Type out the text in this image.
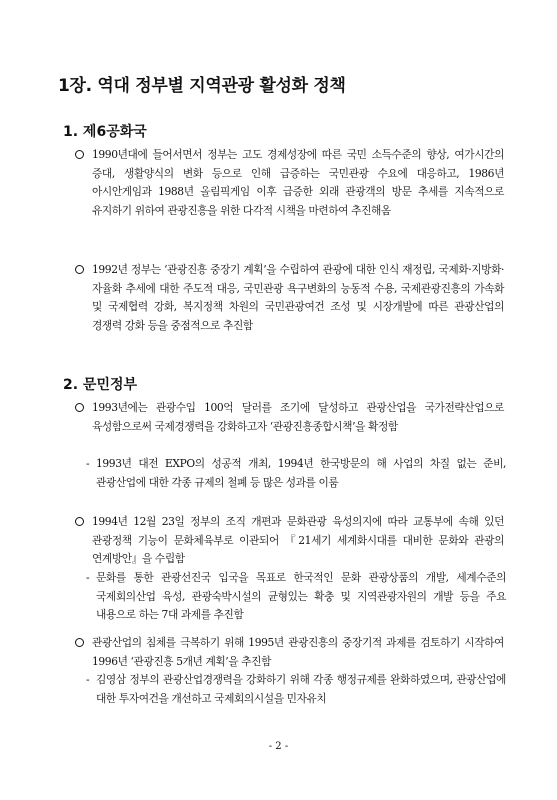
1장. 역대 정부별 지역관광 활성화 정책
1. 제6공화국
1990년대에 들어서면서 정부는 고도 경제성장에 따른 국민 소득수준의 향상, 여가시간의 증대, 생활양식의 변화 등으로 인해 급증하는 국민관광 수요에 대응하고, 1986년 아시안게임과 1988년 올림픽게임 이후 급증한 외래 관광객의 방문 추세를 지속적으로 유지하기 위하여 관광진흥을 위한 다각적 시책을 마련하여 추진해옴
1992년 정부는 ‘관광진흥 중장기 계획’을 수립하여 관광에 대한 인식 재정립, 국제화·지방화·자율화 추세에 대한 주도적 대응, 국민관광 욕구변화의 능동적 수용, 국제관광진흥의 가속화 및 국제협력 강화, 복지정책 차원의 국민관광여건 조성 및 시장개발에 따른 관광산업의 경쟁력 강화 등을 중점적으로 추진함
2. 문민정부
1993년에는 관광수입 100억 달러를 조기에 달성하고 관광산업을 국가전략산업으로 육성함으로써 국제경쟁력을 강화하고자 ‘관광진흥종합시책’을 확정함
- 1993년 대전 EXPO의 성공적 개최, 1994년 한국방문의 해 사업의 차질 없는 준비, 관광산업에 대한 각종 규제의 철폐 등 많은 성과를 이룸
1994년 12월 23일 정부의 조직 개편과 문화관광 육성의지에 따라 교통부에 속해 있던 관광정책 기능이 문화체육부로 이관되어 『21세기 세계화시대를 대비한 문화와 관광의 연계방안』을 수립함
- 문화를 통한 관광선진국 입국을 목표로 한국적인 문화 관광상품의 개발, 세계수준의 국제회의산업 육성, 관광숙박시설의 균형있는 확충 및 지역관광자원의 개발 등을 주요 내용으로 하는 7대 과제를 추진함
관광산업의 침체를 극복하기 위해 1995년 관광진흥의 중장기적 과제를 검토하기 시작하여 1996년 ‘관광진흥 5개년 계획’을 추진함
- 김영삼 정부의 관광산업경쟁력을 강화하기 위해 각종 행정규제를 완화하였으며, 관광산업에 대한 투자여건을 개선하고 국제회의시설을 민자유치
- 2 -
